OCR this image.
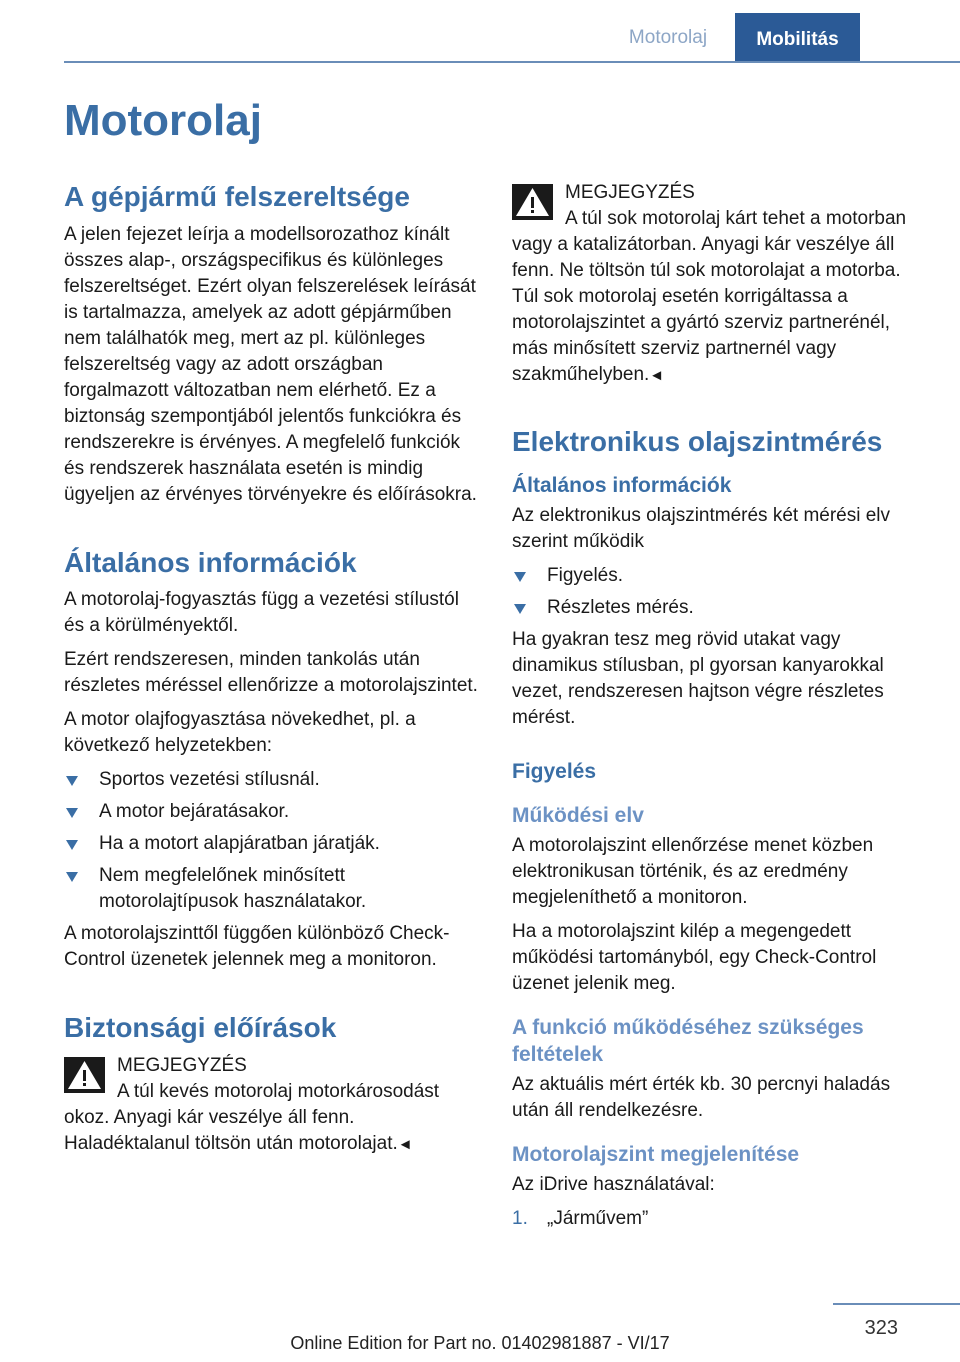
Motorolaj	Mobilitás
Motorolaj
A gépjármű felszereltsége

A jelen fejezet leírja a modellsorozathoz kínált összes alap-, országspecifikus és különleges felszereltséget. Ezért olyan felszerelések leírását is tartalmazza, amelyek az adott gépjárműben nem találhatók meg, mert az pl. különleges felszereltség vagy az adott országban forgalmazott változatban nem elérhető. Ez a biztonság szempontjából jelentős funkciókra és rendszerekre is érvényes. A megfelelő funkciók és rendszerek használata esetén is mindig ügyeljen az érvényes törvényekre és előírásokra.

Általános információk

A motorolaj-fogyasztás függ a vezetési stílustól és a körülményektől.

Ezért rendszeresen, minden tankolás után részletes méréssel ellenőrizze a motorolajszintet.

A motor olajfogyasztása növekedhet, pl. a következő helyzetekben:

Sportos vezetési stílusnál.
A motor bejáratásakor.
Ha a motort alapjáratban járatják.
Nem megfelelőnek minősített motorolajtípusok használatakor.

A motorolajszinttől függően különböző Check-Control üzenetek jelennek meg a monitoron.

Biztonsági előírások

MEGJEGYZÉS

A túl kevés motorolaj motorkárosodást okoz. Anyagi kár veszélye áll fenn. Haladéktalanul töltsön után motorolajat.◄

MEGJEGYZÉS

A túl sok motorolaj kárt tehet a motorban vagy a katalizátorban. Anyagi kár veszélye áll fenn. Ne töltsön túl sok motorolajat a motorba. Túl sok motorolaj esetén korrigáltassa a motorolajszintet a gyártó szerviz partnerénél, más minősített szerviz partnernél vagy szakműhelyben.◄

Elektronikus olajszintmérés
Általános információk

Az elektronikus olajszintmérés két mérési elv szerint működik

Figyelés.
Részletes mérés.

Ha gyakran tesz meg rövid utakat vagy dinamikus stílusban, pl gyorsan kanyarokkal vezet, rendszeresen hajtson végre részletes mérést.

Figyelés
Működési elv

A motorolajszint ellenőrzése menet közben elektronikusan történik, és az eredmény megjeleníthető a monitoron.

Ha a motorolajszint kilép a megengedett működési tartományból, egy Check-Control üzenet jelenik meg.

A funkció működéséhez szükséges feltételek

Az aktuális mért érték kb. 30 percnyi haladás után áll rendelkezésre.

Motorolajszint megjelenítése

Az iDrive használatával:

1. „Járművem”
323
Online Edition for Part no. 01402981887 - VI/17
